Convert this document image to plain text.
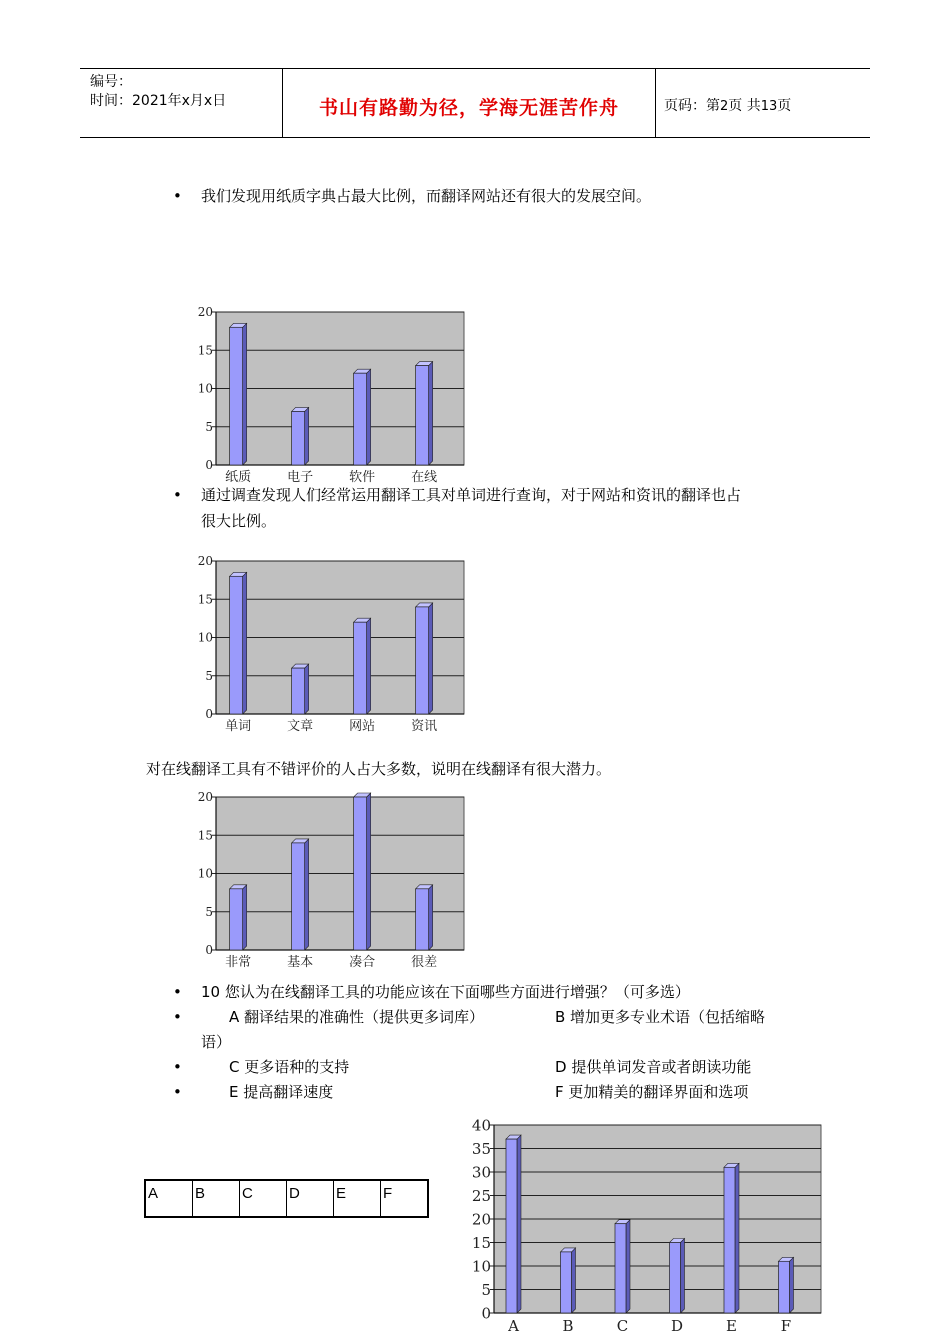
编号：
时间：2021年x月x日	书山有路勤为径，学海无涯苦作舟	页码：第2页 共13页
• 我们发现用纸质字典占最大比例，而翻译网站还有很大的发展空间。
0
5
10
15
20
纸质	电子	软件	在线
• 通过调查发现人们经常运用翻译工具对单词进行查询，对于网站和资讯的翻译也占
很大比例。
0
5
10
15
20
单词	文章	网站	资讯
对在线翻译工具有不错评价的人占大多数，说明在线翻译有很大潜力。
0
5
10
15
20
非常	基本	凑合	很差
• 10 您认为在线翻译工具的功能应该在下面哪些方面进行增强？（可多选）
•	A 翻译结果的准确性（提供更多词库）	B 增加更多专业术语（包括缩略
语）
•	C 更多语种的支持	D 提供单词发音或者朗读功能
•	E 提高翻译速度	F 更加精美的翻译界面和选项
A	B	C	D	E	F
0
5
10
15
20
25
30
35
40
A	B	C	D	E	F
